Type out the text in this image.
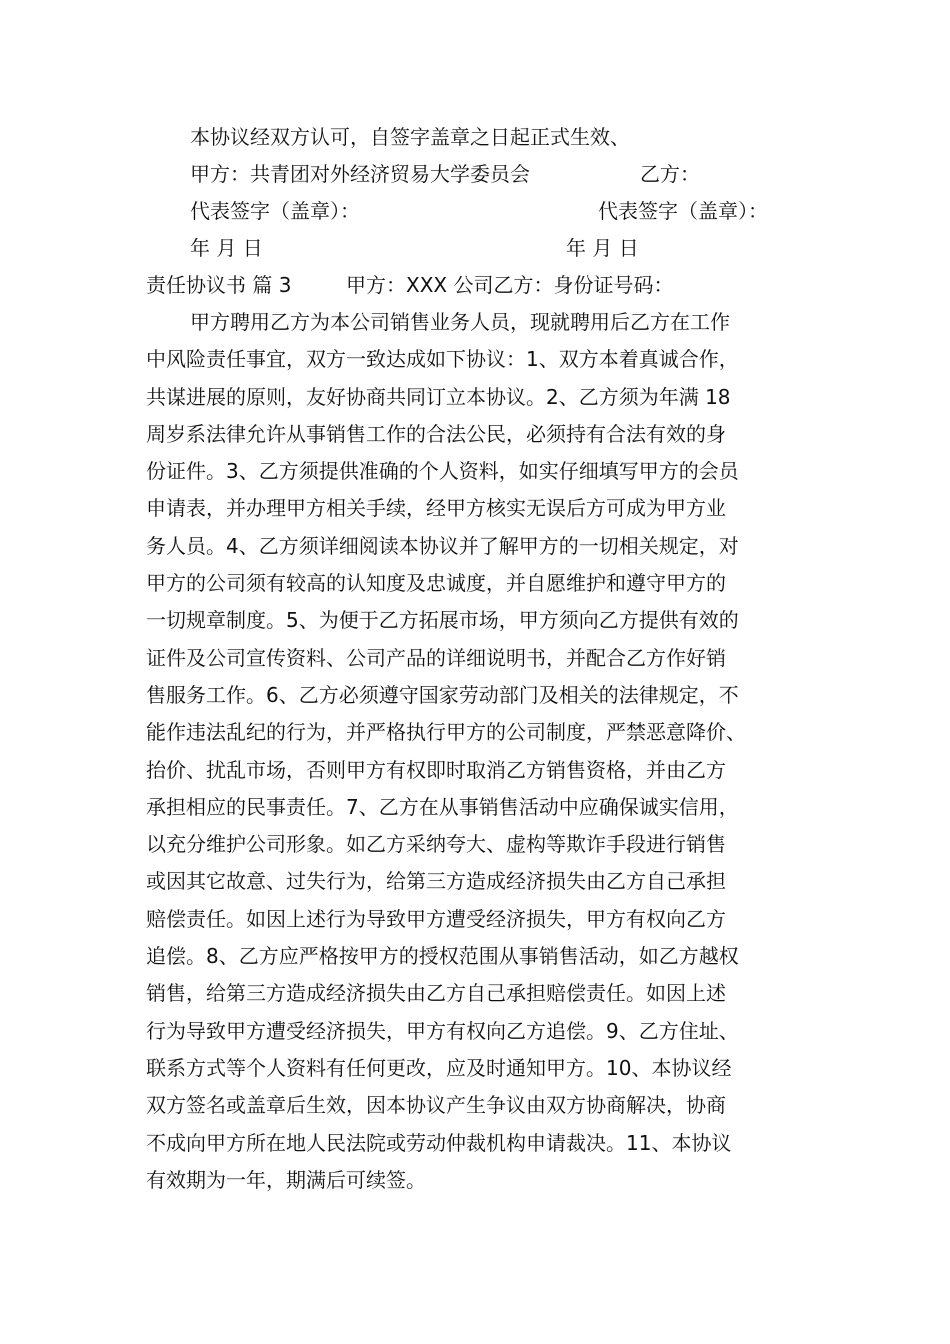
本协议经双方认可，自签字盖章之日起正式生效、
甲方：共青团对外经济贸易大学委员会	乙方：
代表签字（盖章）：	代表签字（盖章）：
年 月 日	年 月 日
责任协议书 篇 3	甲方：XXX 公司乙方：身份证号码：
甲方聘用乙方为本公司销售业务人员，现就聘用后乙方在工作
中风险责任事宜，双方一致达成如下协议：1、双方本着真诚合作，
共谋进展的原则，友好协商共同订立本协议。2、乙方须为年满 18
周岁系法律允许从事销售工作的合法公民，必须持有合法有效的身
份证件。3、乙方须提供准确的个人资料，如实仔细填写甲方的会员
申请表，并办理甲方相关手续，经甲方核实无误后方可成为甲方业
务人员。4、乙方须详细阅读本协议并了解甲方的一切相关规定，对
甲方的公司须有较高的认知度及忠诚度，并自愿维护和遵守甲方的
一切规章制度。5、为便于乙方拓展市场，甲方须向乙方提供有效的
证件及公司宣传资料、公司产品的详细说明书，并配合乙方作好销
售服务工作。6、乙方必须遵守国家劳动部门及相关的法律规定，不
能作违法乱纪的行为，并严格执行甲方的公司制度，严禁恶意降价、
抬价、扰乱市场，否则甲方有权即时取消乙方销售资格，并由乙方
承担相应的民事责任。7、乙方在从事销售活动中应确保诚实信用，
以充分维护公司形象。如乙方采纳夸大、虚构等欺诈手段进行销售
或因其它故意、过失行为，给第三方造成经济损失由乙方自己承担
赔偿责任。如因上述行为导致甲方遭受经济损失，甲方有权向乙方
追偿。8、乙方应严格按甲方的授权范围从事销售活动，如乙方越权
销售，给第三方造成经济损失由乙方自己承担赔偿责任。如因上述
行为导致甲方遭受经济损失，甲方有权向乙方追偿。9、乙方住址、
联系方式等个人资料有任何更改，应及时通知甲方。10、本协议经
双方签名或盖章后生效，因本协议产生争议由双方协商解决，协商
不成向甲方所在地人民法院或劳动仲裁机构申请裁决。11、本协议
有效期为一年，期满后可续签。
